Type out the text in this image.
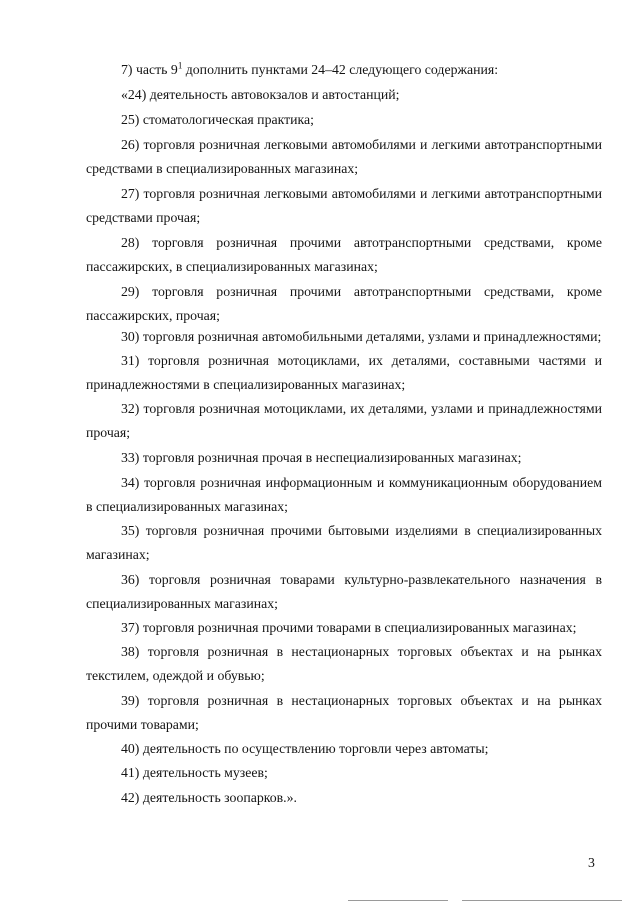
7) часть $9^1$ дополнить пунктами 24–42 следующего содержания:

«24) деятельность автовокзалов и автостанций;

25) стоматологическая практика;

26) торговля розничная легковыми автомобилями и легкими автотранспортными средствами в специализированных магазинах;

27) торговля розничная легковыми автомобилями и легкими автотранспортными средствами прочая;

28) торговля розничная прочими автотранспортными средствами, кроме пассажирских, в специализированных магазинах;

29) торговля розничная прочими автотранспортными средствами, кроме пассажирских, прочая;

30) торговля розничная автомобильными деталями, узлами и принадлежностями;

31) торговля розничная мотоциклами, их деталями, составными частями и принадлежностями в специализированных магазинах;

32) торговля розничная мотоциклами, их деталями, узлами и принадлежностями прочая;

33) торговля розничная прочая в неспециализированных магазинах;

34) торговля розничная информационным и коммуникационным оборудованием в специализированных магазинах;

35) торговля розничная прочими бытовыми изделиями в специализированных магазинах;

36) торговля розничная товарами культурно-развлекательного назначения в специализированных магазинах;

37) торговля розничная прочими товарами в специализированных магазинах;

38) торговля розничная в нестационарных торговых объектах и на рынках текстилем, одеждой и обувью;

39) торговля розничная в нестационарных торговых объектах и на рынках прочими товарами;

40) деятельность по осуществлению торговли через автоматы;

41) деятельность музеев;

42) деятельность зоопарков.».

3
